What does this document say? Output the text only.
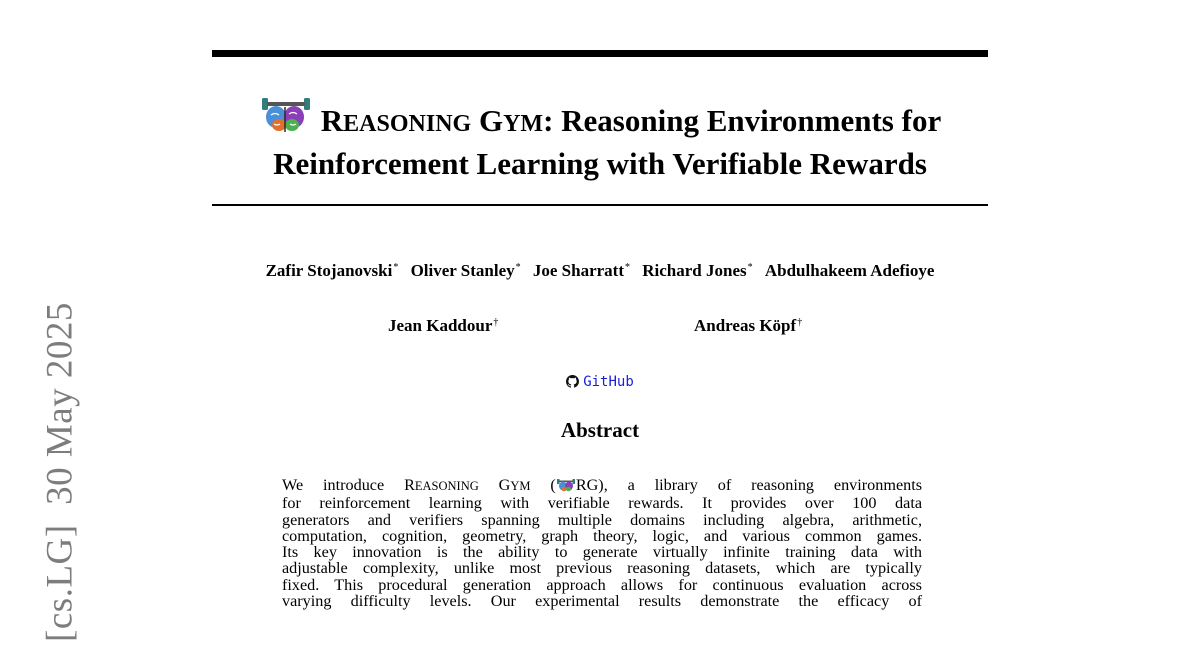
[cs.LG]  30 May 2025
REASONING GYM: Reasoning Environments for
Reinforcement Learning with Verifiable Rewards
Zafir Stojanovski* Oliver Stanley* Joe Sharratt* Richard Jones* Abdulhakeem Adefioye
Jean Kaddour†	Andreas Köpf†
GitHub
Abstract
We introduce REASONING GYM ( RG), a library of reasoning environments
for reinforcement learning with verifiable rewards. It provides over 100 data
generators and verifiers spanning multiple domains including algebra, arithmetic,
computation, cognition, geometry, graph theory, logic, and various common games.
Its key innovation is the ability to generate virtually infinite training data with
adjustable complexity, unlike most previous reasoning datasets, which are typically
fixed. This procedural generation approach allows for continuous evaluation across
varying difficulty levels. Our experimental results demonstrate the efficacy of
